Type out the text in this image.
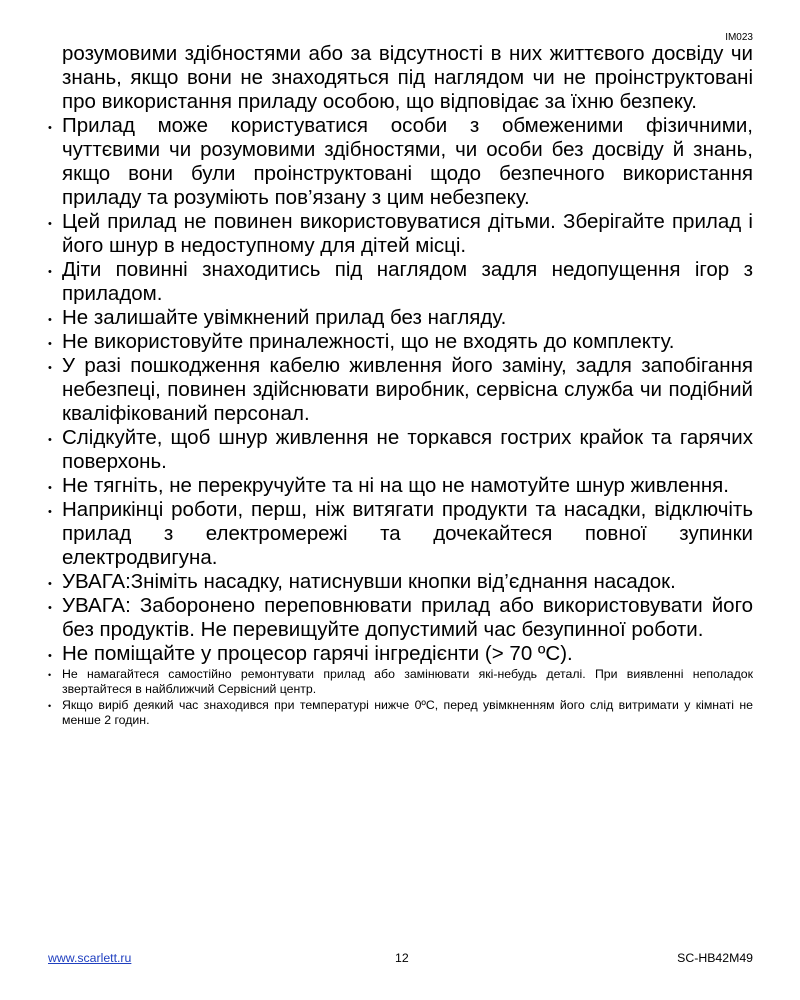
IM023

розумовими здібностями або за відсутності в них життєвого досвіду чи знань, якщо вони не знаходяться під наглядом чи не проінструктовані про використання приладу особою, що відповідає за їхню безпеку.

• Прилад може користуватися особи з обмеженими фізичними, чуттєвими чи розумовими здібностями, чи особи без досвіду й знань, якщо вони були проінструктовані щодо безпечного використання приладу та розуміють пов’язану з цим небезпеку.
• Цей прилад не повинен використовуватися дітьми. Зберігайте прилад і його шнур в недоступному для дітей місці.
• Діти повинні знаходитись під наглядом задля недопущення ігор з приладом.
• Не залишайте увімкнений прилад без нагляду.
• Не використовуйте приналежності, що не входять до комплекту.
• У разі пошкодження кабелю живлення його заміну, задля запобігання небезпеці, повинен здійснювати виробник, сервісна служба чи подібний кваліфікований персонал.
• Слідкуйте, щоб шнур живлення не торкався гострих крайок та гарячих поверхонь.
• Не тягніть, не перекручуйте та ні на що не намотуйте шнур живлення.
• Наприкінці роботи, перш, ніж витягати продукти та насадки, відключіть прилад з електромережі та дочекайтеся повної зупинки електродвигуна.
• УВАГА:Зніміть насадку, натиснувши кнопки від’єднання насадок.
• УВАГА: Заборонено переповнювати прилад або використовувати його без продуктів. Не перевищуйте допустимий час безупинної роботи.
• Не поміщайте у процесор гарячі інгредієнти (> 70 ºС).
• Не намагайтеся самостійно ремонтувати прилад або замінювати які-небудь деталі. При виявленні неполадок звертайтеся в найближчий Сервісний центр.
• Якщо виріб деякий час знаходився при температурі нижче 0ºC, перед увімкненням його слід витримати у кімнаті не менше 2 годин.
www.scarlett.ru	12	SC-HB42M49
